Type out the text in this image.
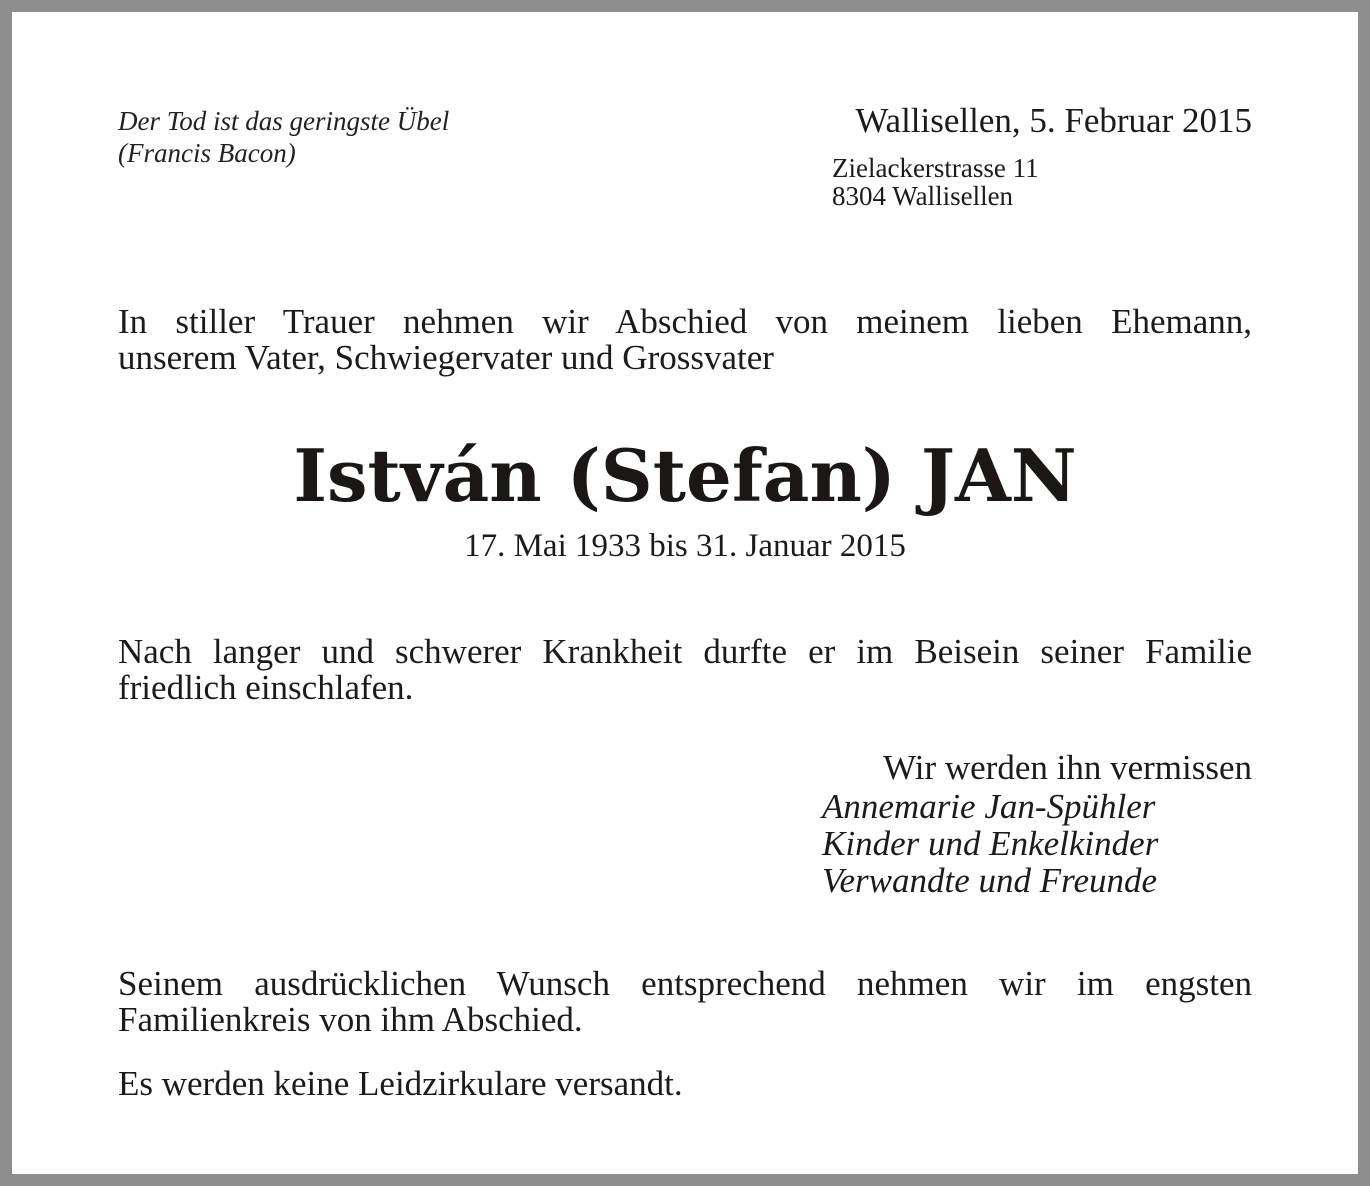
Der Tod ist das geringste Übel
(Francis Bacon)
Wallisellen, 5. Februar 2015
Zielackerstrasse 11
8304 Wallisellen
In stiller Trauer nehmen wir Abschied von meinem lieben Ehemann,
unserem Vater, Schwiegervater und Grossvater
István (Stefan) JAN
17. Mai 1933 bis 31. Januar 2015
Nach langer und schwerer Krankheit durfte er im Beisein seiner Familie
friedlich einschlafen.
Wir werden ihn vermissen
Annemarie Jan-Spühler
Kinder und Enkelkinder
Verwandte und Freunde
Seinem ausdrücklichen Wunsch entsprechend nehmen wir im engsten
Familienkreis von ihm Abschied.
Es werden keine Leidzirkulare versandt.
